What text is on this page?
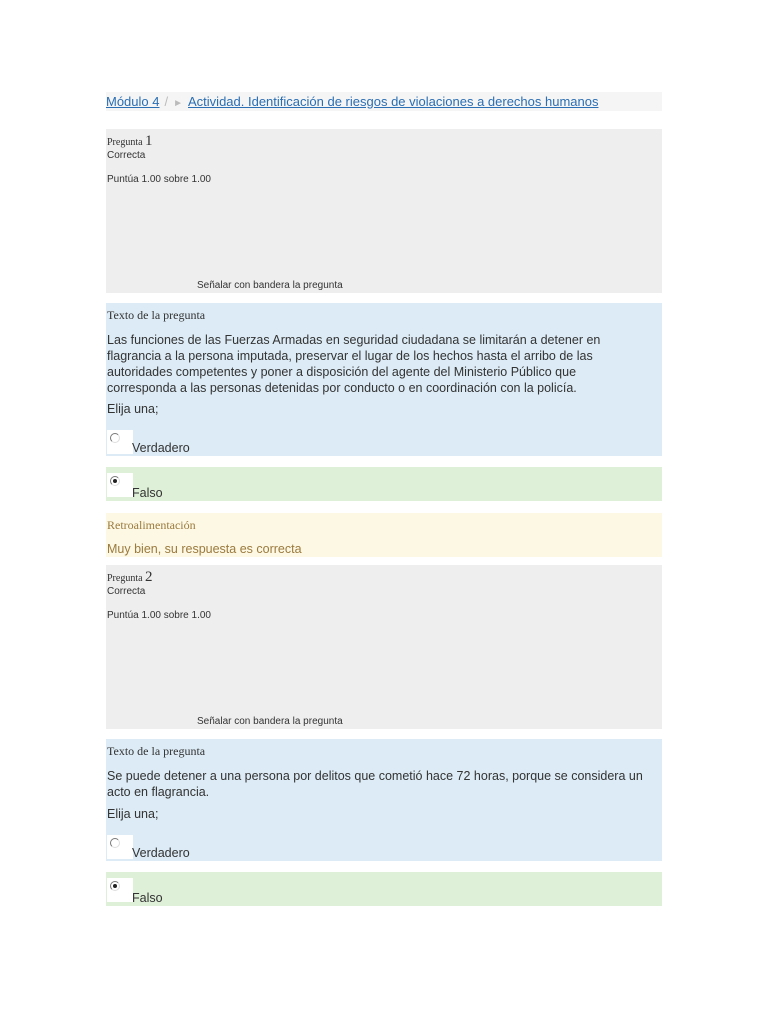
Módulo 4 / ► Actividad. Identificación de riesgos de violaciones a derechos humanos
Pregunta 1
Correcta
Puntúa 1.00 sobre 1.00
Señalar con bandera la pregunta
Texto de la pregunta
Las funciones de las Fuerzas Armadas en seguridad ciudadana se limitarán a detener en flagrancia a la persona imputada, preservar el lugar de los hechos hasta el arribo de las autoridades competentes y poner a disposición del agente del Ministerio Público que corresponda a las personas detenidas por conducto o en coordinación con la policía.
Elija una;
Verdadero
Falso
Retroalimentación
Muy bien, su respuesta es correcta
Pregunta 2
Correcta
Puntúa 1.00 sobre 1.00
Señalar con bandera la pregunta
Texto de la pregunta
Se puede detener a una persona por delitos que cometió hace 72 horas, porque se considera un acto en flagrancia.
Elija una;
Verdadero
Falso
